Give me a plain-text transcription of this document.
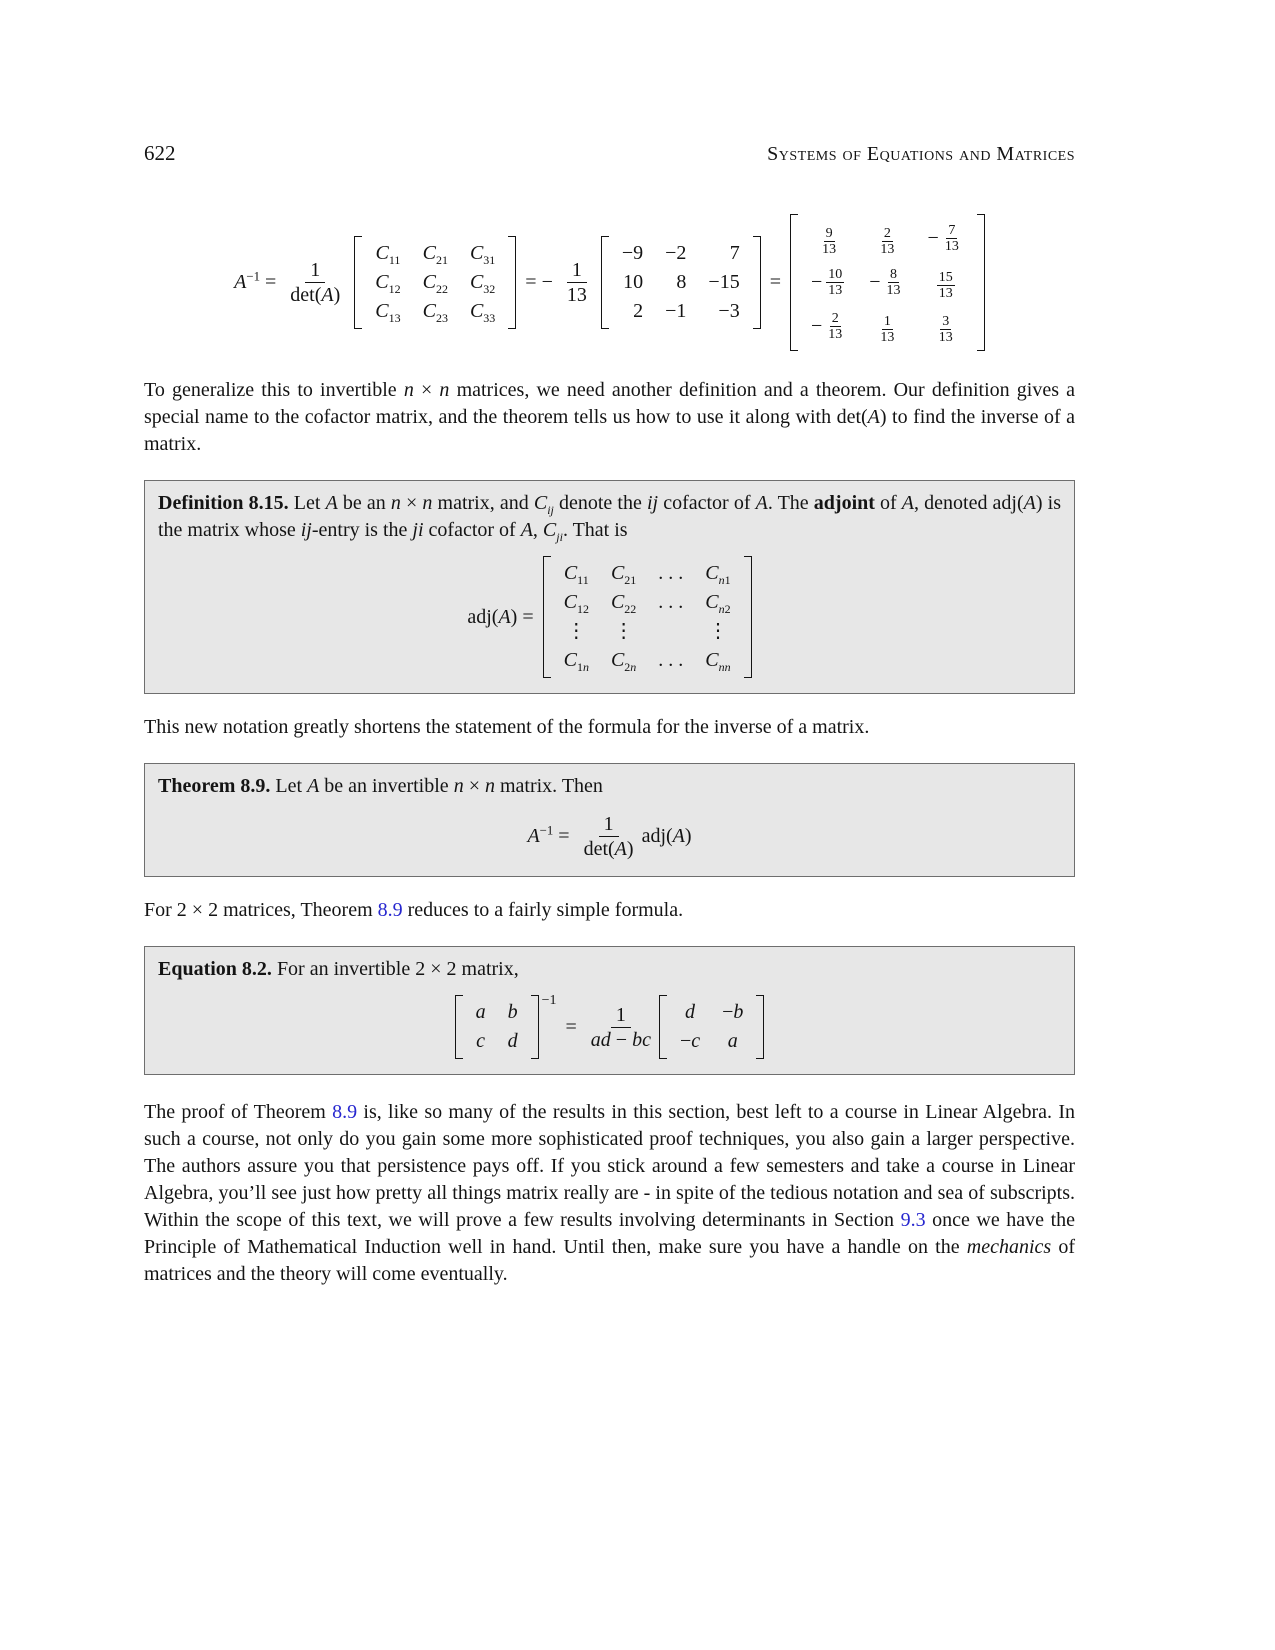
622	Systems of Equations and Matrices
$A^{-1} = \frac{1}{\det(A)}$
$C_{11}$ $C_{21}$ $C_{31}$
$C_{12}$ $C_{22}$ $C_{32}$
$C_{13}$ $C_{23}$ $C_{33}$
= − $\frac{1}{13}$
−9 −2 7
10 8 −15
2 −1 −3
=
$\frac{9}{13} \frac{2}{13} - \frac{7}{13}$
− $\frac{10}{13} - \frac{8}{13} \frac{15}{13}$
− $\frac{2}{13} \frac{1}{13} \frac{3}{13}$
To generalize this to invertible n × n matrices, we need another definition and a theorem. Our definition gives a special name to the cofactor matrix, and the theorem tells us how to use it along with det(A) to find the inverse of a matrix.
Definition 8.15. Let A be an n × n matrix, and $C_{ij}$ denote the ij cofactor of A. The adjoint of A, denoted adj(A) is the matrix whose ij-entry is the ji cofactor of A, $C_{ji}$. That is
adj(A) =
$C_{11}$ $C_{21}$ . . . $C_{n1}$
$C_{12}$ $C_{22}$ . . . $C_{n2}$
⋮ ⋮	⋮
$C_{1n}$ $C_{2n}$ . . . $C_{nn}$
This new notation greatly shortens the statement of the formula for the inverse of a matrix.
Theorem 8.9. Let A be an invertible n × n matrix. Then
$A^{-1} = \frac{1}{\det(A)} adj(A)$
For 2 × 2 matrices, Theorem 8.9 reduces to a fairly simple formula.
Equation 8.2. For an invertible 2 × 2 matrix,
a b
c d
−1
= $\frac{1}{ad - bc}$ d −b
−c a
The proof of Theorem 8.9 is, like so many of the results in this section, best left to a course in Linear Algebra. In such a course, not only do you gain some more sophisticated proof techniques, you also gain a larger perspective. The authors assure you that persistence pays off. If you stick around a few semesters and take a course in Linear Algebra, you’ll see just how pretty all things matrix really are - in spite of the tedious notation and sea of subscripts. Within the scope of this text, we will prove a few results involving determinants in Section 9.3 once we have the Principle of Mathematical Induction well in hand. Until then, make sure you have a handle on the mechanics of matrices and the theory will come eventually.
